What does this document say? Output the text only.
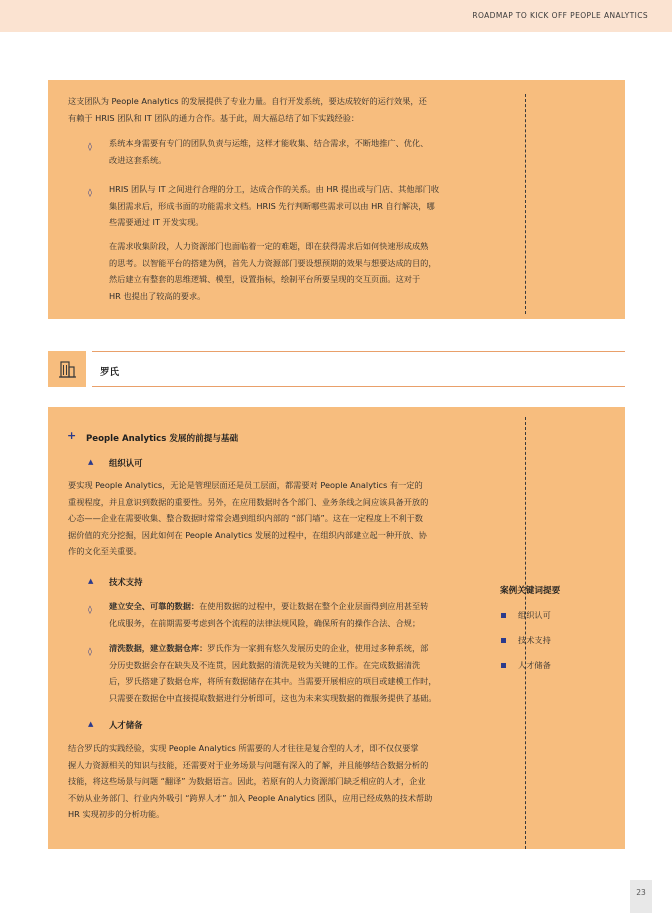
ROADMAP TO KICK OFF PEOPLE ANALYTICS
这支团队为 People Analytics 的发展提供了专业力量。自行开发系统，要达成较好的运行效果，还
有赖于 HRIS 团队和 IT 团队的通力合作。基于此，周大福总结了如下实践经验：
◊
系统本身需要有专门的团队负责与运维，这样才能收集、结合需求，不断地推广、优化、
改进这套系统。
◊
HRIS 团队与 IT 之间进行合理的分工，达成合作的关系。由 HR 提出或与门店、其他部门收
集团需求后，形成书面的功能需求文档。HRIS 先行判断哪些需求可以由 HR 自行解决，哪
些需要通过 IT 开发实现。
在需求收集阶段，人力资源部门也面临着一定的难题，即在获得需求后如何快速形成成熟
的思考。以智能平台的搭建为例，首先人力资源部门要设想预期的效果与想要达成的目的，
然后建立有整套的思维逻辑、模型，设置指标，绘制平台所要呈现的交互页面。这对于
HR 也提出了较高的要求。
罗氏
+ People Analytics 发展的前提与基础
▲ 组织认可
要实现 People Analytics，无论是管理层面还是员工层面，都需要对 People Analytics 有一定的
重视程度，并且意识到数据的重要性。另外，在应用数据时各个部门、业务条线之间应该具备开放的
心态——企业在需要收集、整合数据时常常会遇到组织内部的 “部门墙”。这在一定程度上不利于数
据价值的充分挖掘，因此如何在 People Analytics 发展的过程中，在组织内部建立起一种开放、协
作的文化至关重要。
▲ 技术支持
◊
建立安全、可靠的数据：在使用数据的过程中，要让数据在整个企业层面得到应用甚至转
化成服务，在前期需要考虑到各个流程的法律法规风险，确保所有的操作合法、合规；
◊
清洗数据，建立数据仓库：罗氏作为一家拥有悠久发展历史的企业，使用过多种系统，部
分历史数据会存在缺失及不连贯，因此数据的清洗是较为关键的工作。在完成数据清洗
后，罗氏搭建了数据仓库，将所有数据储存在其中。当需要开展相应的项目或建模工作时，
只需要在数据仓中直接提取数据进行分析即可，这也为未来实现数据的微服务提供了基础。
▲ 人才储备
结合罗氏的实践经验，实现 People Analytics 所需要的人才往往是复合型的人才，即不仅仅要掌
握人力资源相关的知识与技能，还需要对于业务场景与问题有深入的了解，并且能够结合数据分析的
技能，将这些场景与问题 “翻译” 为数据语言。因此，若原有的人力资源部门缺乏相应的人才，企业
不妨从业务部门、行业内外吸引 “跨界人才” 加入 People Analytics 团队，应用已经成熟的技术帮助
HR 实现初步的分析功能。
案例关键词提要
组织认可
技术支持
人才储备
23
